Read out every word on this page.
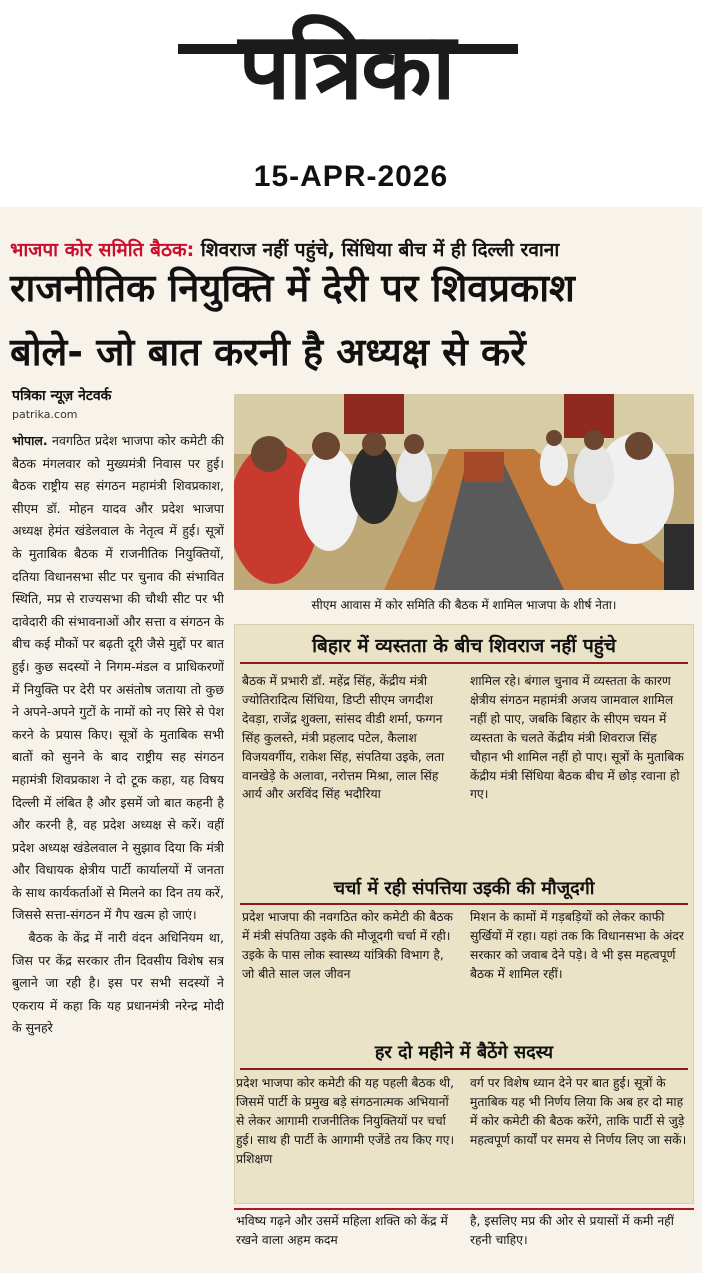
पत्रिका
15-APR-2026
भाजपा कोर समिति बैठक: शिवराज नहीं पहुंचे, सिंधिया बीच में ही दिल्ली रवाना
राजनीतिक नियुक्ति में देरी पर शिवप्रकाश
बोले- जो बात करनी है अध्यक्ष से करें
पत्रिका न्यूज़ नेटवर्क
patrika.com

भोपाल. नवगठित प्रदेश भाजपा कोर कमेटी की बैठक मंगलवार को मुख्यमंत्री निवास पर हुई। बैठक राष्ट्रीय सह संगठन महामंत्री शिवप्रकाश, सीएम डॉ. मोहन यादव और प्रदेश भाजपा अध्यक्ष हेमंत खंडेलवाल के नेतृत्व में हुई। सूत्रों के मुताबिक बैठक में राजनीतिक नियुक्तियों, दतिया विधानसभा सीट पर चुनाव की संभावित स्थिति, मप्र से राज्यसभा की चौथी सीट पर भी दावेदारी की संभावनाओं और सत्ता व संगठन के बीच कई मौकों पर बढ़ती दूरी जैसे मुद्दों पर बात हुई। कुछ सदस्यों ने निगम-मंडल व प्राधिकरणों में नियुक्ति पर देरी पर असंतोष जताया तो कुछ ने अपने-अपने गुटों के नामों को नए सिरे से पेश करने के प्रयास किए। सूत्रों के मुताबिक सभी बातों को सुनने के बाद राष्ट्रीय सह संगठन महामंत्री शिवप्रकाश ने दो टूक कहा, यह विषय दिल्ली में लंबित है और इसमें जो बात कहनी है और करनी है, वह प्रदेश अध्यक्ष से करें। वहीं प्रदेश अध्यक्ष खंडेलवाल ने सुझाव दिया कि मंत्री और विधायक क्षेत्रीय पार्टी कार्यालयों में जनता के साथ कार्यकर्ताओं से मिलने का दिन तय करें, जिससे सत्ता-संगठन में गैप खत्म हो जाएं।

बैठक के केंद्र में नारी वंदन अधिनियम था, जिस पर केंद्र सरकार तीन दिवसीय विशेष सत्र बुलाने जा रही है। इस पर सभी सदस्यों ने एकराय में कहा कि यह प्रधानमंत्री नरेन्द्र मोदी के सुनहरे

सीएम आवास में कोर समिति की बैठक में शामिल भाजपा के शीर्ष नेता।
बिहार में व्यस्तता के बीच शिवराज नहीं पहुंचे
बैठक में प्रभारी डॉ. महेंद्र सिंह, केंद्रीय मंत्री ज्योतिरादित्य सिंधिया, डिप्टी सीएम जगदीश देवड़ा, राजेंद्र शुक्ला, सांसद वीडी शर्मा, फग्गन सिंह कुलस्ते, मंत्री प्रहलाद पटेल, कैलाश विजयवर्गीय, राकेश सिंह, संपतिया उइके, लता वानखेड़े के अलावा, नरोत्तम मिश्रा, लाल सिंह आर्य और अरविंद सिंह भदौरिया
शामिल रहे। बंगाल चुनाव में व्यस्तता के कारण क्षेत्रीय संगठन महामंत्री अजय जामवाल शामिल नहीं हो पाए, जबकि बिहार के सीएम चयन में व्यस्तता के चलते केंद्रीय मंत्री शिवराज सिंह चौहान भी शामिल नहीं हो पाए। सूत्रों के मुताबिक केंद्रीय मंत्री सिंधिया बैठक बीच में छोड़ रवाना हो गए।
चर्चा में रही संपत्तिया उइकी की मौजूदगी
प्रदेश भाजपा की नवगठित कोर कमेटी की बैठक में मंत्री संपतिया उइके की मौजूदगी चर्चा में रही। उइके के पास लोक स्वास्थ्य यांत्रिकी विभाग है, जो बीते साल जल जीवन
मिशन के कामों में गड़बड़ियों को लेकर काफी सुर्खियों में रहा। यहां तक कि विधानसभा के अंदर सरकार को जवाब देने पड़े। वे भी इस महत्वपूर्ण बैठक में शामिल रहीं।
हर दो महीने में बैठेंगे सदस्य
प्रदेश भाजपा कोर कमेटी की यह पहली बैठक थी, जिसमें पार्टी के प्रमुख बड़े संगठनात्मक अभियानों से लेकर आगामी राजनीतिक नियुक्तियों पर चर्चा हुई। साथ ही पार्टी के आगामी एजेंडे तय किए गए। प्रशिक्षण
वर्ग पर विशेष ध्यान देने पर बात हुई। सूत्रों के मुताबिक यह भी निर्णय लिया कि अब हर दो माह में कोर कमेटी की बैठक करेंगे, ताकि पार्टी से जुड़े महत्वपूर्ण कार्यों पर समय से निर्णय लिए जा सकें।
भविष्य गढ़ने और उसमें महिला शक्ति को केंद्र में रखने वाला अहम कदम
है, इसलिए मप्र की ओर से प्रयासों में कमी नहीं रहनी चाहिए।
